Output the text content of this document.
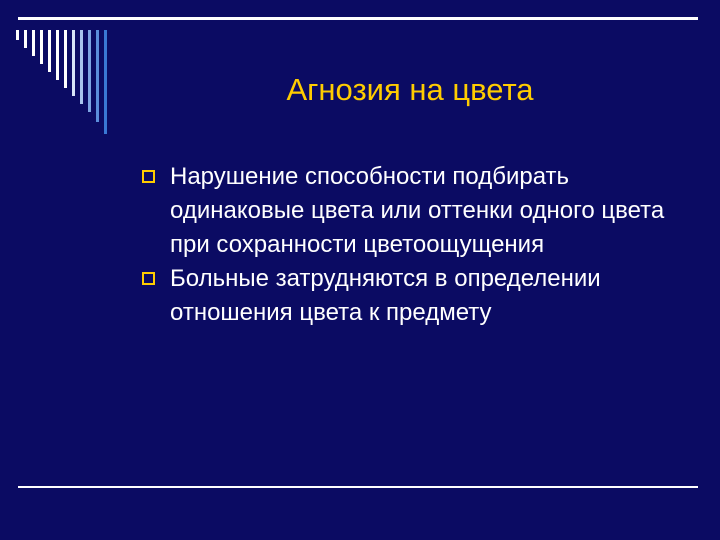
Агнозия на цвета
Нарушение способности подбирать одинаковые цвета или оттенки одного цвета при сохранности цветоощущения
Больные затрудняются в определении отношения цвета к предмету
